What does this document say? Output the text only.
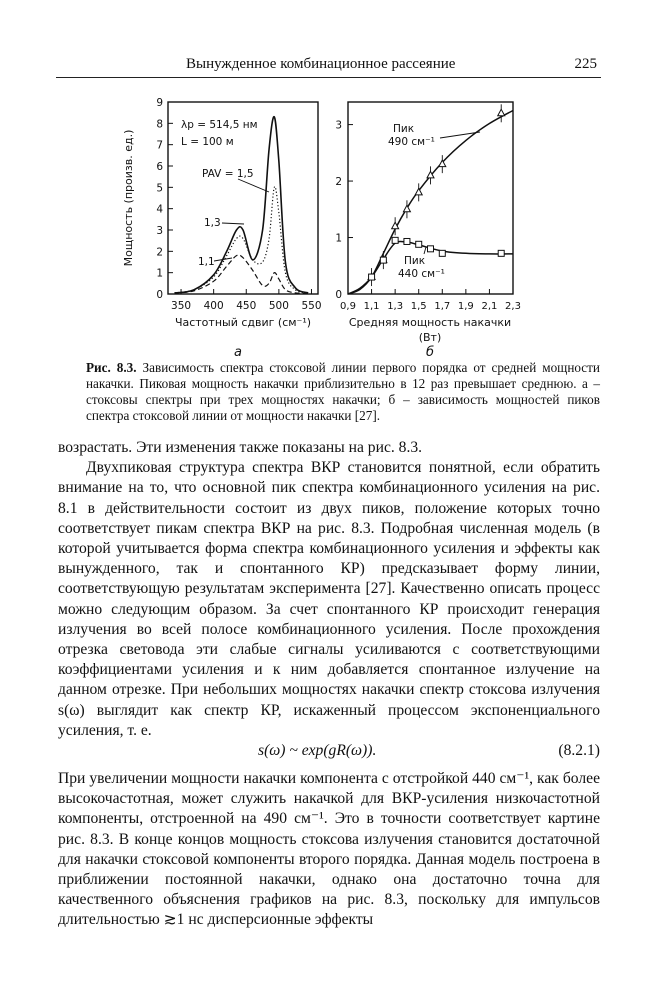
Вынужденное комбинационное рассеяние	225
0
1
2
3
4
5
6
7
8
9
350 400 450 500 550
Мощность (произв. ед.)
Частотный сдвиг (см⁻¹)
λp = 514,5 нм
L = 100 м
PAV = 1,5
1,3
1,1
а
0
1
2
3
0,9 1,1 1,3 1,5 1,7 1,9 2,1 2,3
Средняя мощность накачки
(Вт)
Пик
490 см⁻¹
Пик
440 см⁻¹
б
Рис. 8.3. Зависимость спектра стоксовой линии первого порядка от средней мощности накачки. Пиковая мощность накачки приблизительно в 12 раз превышает среднюю. а – стоксовы спектры при трех мощностях накачки; б – зависимость мощностей пиков спектра стоксовой линии от мощности накачки [27].

возрастать. Эти изменения также показаны на рис. 8.3.

Двухпиковая структура спектра ВКР становится понятной, если обратить внимание на то, что основной пик спектра комбинационного усиления на рис. 8.1 в действительности состоит из двух пиков, положение которых точно соответствует пикам спектра ВКР на рис. 8.3. Подробная численная модель (в которой учитывается форма спектра комбинационного усиления и эффекты как вынужденного, так и спонтанного КР) предсказывает форму линии, соответствующую результатам эксперимента [27]. Качественно описать процесс можно следующим образом. За счет спонтанного КР происходит генерация излучения во всей полосе комбинационного усиления. После прохождения отрезка световода эти слабые сигналы усиливаются с соответствующими коэффициентами усиления и к ним добавляется спонтанное излучение на данном отрезке. При небольших мощностях накачки спектр стоксова излучения s(ω) выглядит как спектр КР, искаженный процессом экспоненциального усиления, т. е.

s(ω) ~ exp(gR(ω)).	(8.2.1)

При увеличении мощности накачки компонента с отстройкой 440 см⁻¹, как более высокочастотная, может служить накачкой для ВКР-усиления низкочастотной компоненты, отстроенной на 490 см⁻¹. Это в точности соответствует картине рис. 8.3. В конце концов мощность стоксова излучения становится достаточной для накачки стоксовой компоненты второго порядка. Данная модель построена в приближении постоянной накачки, однако она достаточно точна для качественного объяснения графиков на рис. 8.3, поскольку для импульсов длительностью ≳1 нс дисперсионные эффекты
